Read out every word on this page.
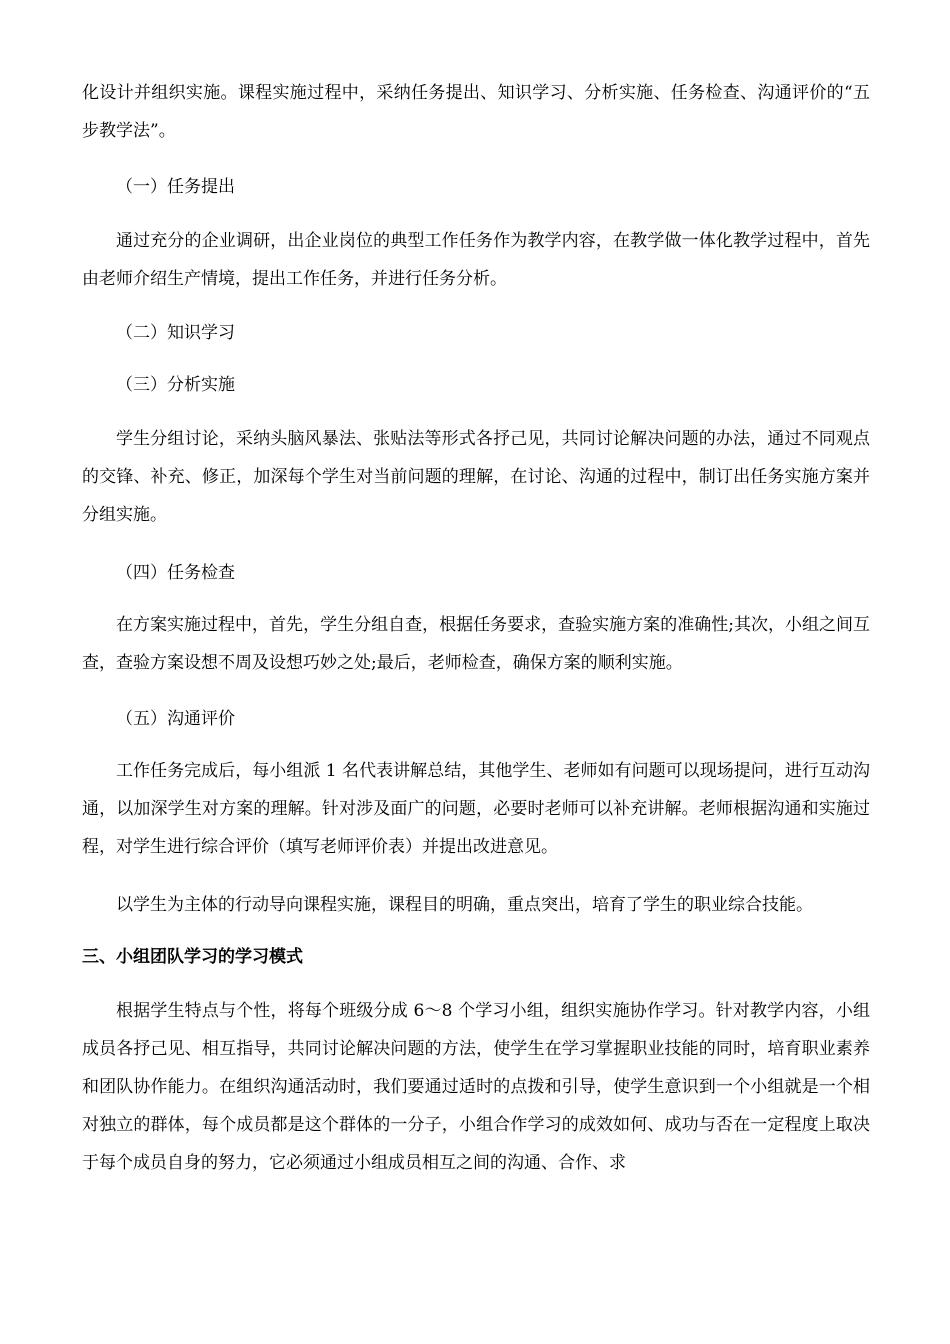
化设计并组织实施。课程实施过程中，采纳任务提出、知识学习、分析实施、任务检查、沟通评价的“五步教学法”。

（一）任务提出

通过充分的企业调研，出企业岗位的典型工作任务作为教学内容，在教学做一体化教学过程中，首先由老师介绍生产情境，提出工作任务，并进行任务分析。

（二）知识学习
（三）分析实施

学生分组讨论，采纳头脑风暴法、张贴法等形式各抒己见，共同讨论解决问题的办法，通过不同观点的交锋、补充、修正，加深每个学生对当前问题的理解，在讨论、沟通的过程中，制订出任务实施方案并分组实施。

（四）任务检查

在方案实施过程中，首先，学生分组自查，根据任务要求，查验实施方案的准确性;其次，小组之间互查，查验方案设想不周及设想巧妙之处;最后，老师检查，确保方案的顺利实施。

（五）沟通评价

工作任务完成后，每小组派 1 名代表讲解总结，其他学生、老师如有问题可以现场提问，进行互动沟通，以加深学生对方案的理解。针对涉及面广的问题，必要时老师可以补充讲解。老师根据沟通和实施过程，对学生进行综合评价（填写老师评价表）并提出改进意见。

以学生为主体的行动导向课程实施，课程目的明确，重点突出，培育了学生的职业综合技能。

三、小组团队学习的学习模式

根据学生特点与个性，将每个班级分成 6～8 个学习小组，组织实施协作学习。针对教学内容，小组成员各抒己见、相互指导，共同讨论解决问题的方法，使学生在学习掌握职业技能的同时，培育职业素养和团队协作能力。在组织沟通活动时，我们要通过适时的点拨和引导，使学生意识到一个小组就是一个相对独立的群体，每个成员都是这个群体的一分子，小组合作学习的成效如何、成功与否在一定程度上取决于每个成员自身的努力，它必须通过小组成员相互之间的沟通、合作、求
